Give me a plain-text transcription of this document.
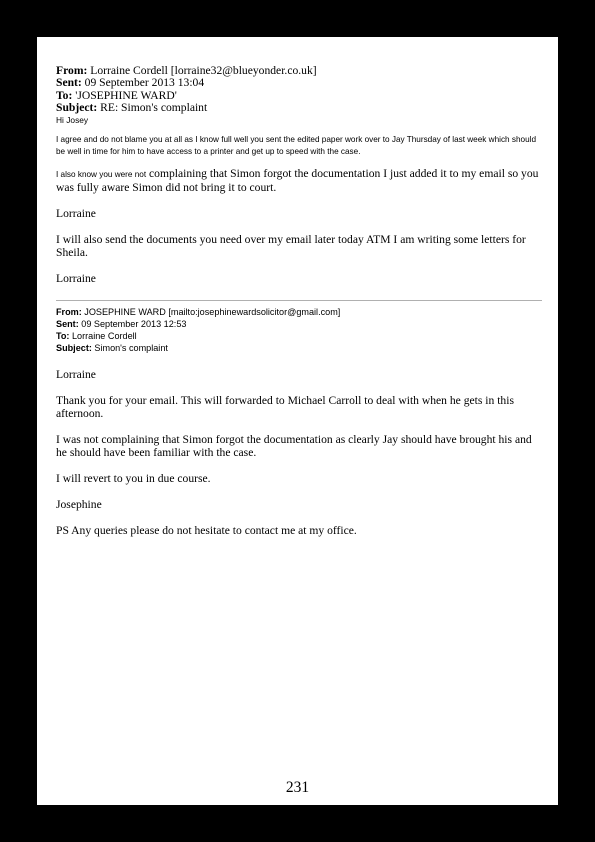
From: Lorraine Cordell [lorraine32@blueyonder.co.uk]
Sent: 09 September 2013 13:04
To: 'JOSEPHINE WARD'
Subject: RE: Simon's complaint

Hi Josey

I agree and do not blame you at all as I know full well you sent the edited paper work over to Jay Thursday of last week which should be well in time for him to have access to a printer and get up to speed with the case.

I also know you were not complaining that Simon forgot the documentation I just added it to my email so you was fully aware Simon did not bring it to court.

Lorraine

I will also send the documents you need over my email later today ATM I am writing some letters for Sheila.

Lorraine

From: JOSEPHINE WARD [mailto:josephinewardsolicitor@gmail.com]
Sent: 09 September 2013 12:53
To: Lorraine Cordell
Subject: Simon's complaint

Lorraine

Thank you for your email. This will forwarded to Michael Carroll to deal with when he gets in this afternoon.

I was not complaining that Simon forgot the documentation as clearly Jay should have brought his and he should have been familiar with the case.

I will revert to you in due course.

Josephine

PS Any queries please do not hesitate to contact me at my office.

231
